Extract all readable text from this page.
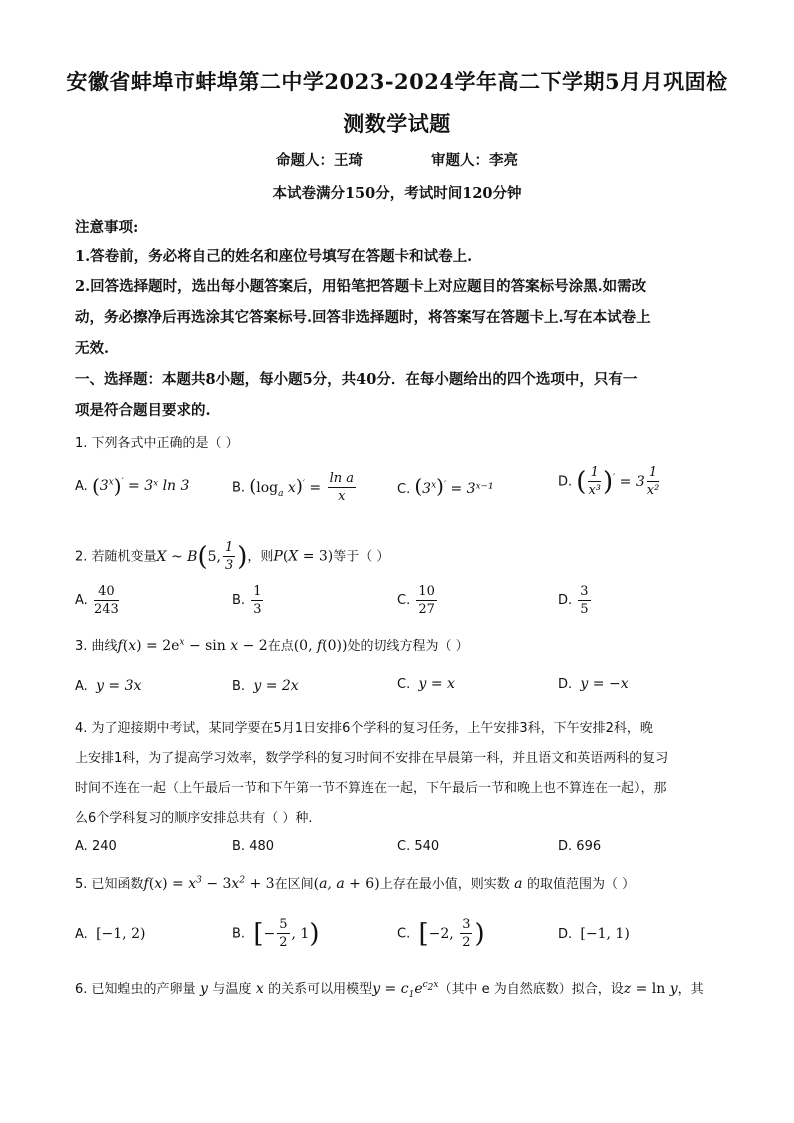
安徽省蚌埠市蚌埠第二中学2023-2024学年高二下学期5月月巩固检
测数学试题
命题人：王琦	审题人：李亮
本试卷满分150分，考试时间120分钟
注意事项:
1.答卷前，务必将自己的姓名和座位号填写在答题卡和试卷上.
2.回答选择题时，选出每小题答案后，用铅笔把答题卡上对应题目的答案标号涂黑.如需改
动，务必擦净后再选涂其它答案标号.回答非选择题时，将答案写在答题卡上.写在本试卷上
无效.
一、选择题：本题共8小题，每小题5分，共40分．在每小题给出的四个选项中，只有一
项是符合题目要求的.
1. 下列各式中正确的是（ ）
A. $(3^x)'$ = 3ˣ ln 3	B. ($\log_a$ $x)' = \frac{\text{ln a}}{x}$	C. $(3^x)'$ = 3ˣ⁻¹	D. ( $\frac{1}{\text{x³}} )' = 3 \frac{1}{\text{x²}}$
2. 若随机变量X ~ B(5, $\frac{1}{3}$ )，则P(X = 3)等于（ ）
A. $\frac{40}{243}$	B. $\frac{1}{3}$	C. $\frac{10}{27}$	D. $\frac{3}{5}$
3. 曲线$f(x) = 2e^x - \sin x - 2$在点(0, f(0))处的切线方程为（ ）
A. y = 3x	B. y = 2x	C. y = x	D. y = −x
4. 为了迎接期中考试，某同学要在5月1日安排6个学科的复习任务，上午安排3科，下午安排2科，晚
上安排1科，为了提高学习效率，数学学科的复习时间不安排在早晨第一科，并且语文和英语两科的复习
时间不连在一起（上午最后一节和下午第一节不算连在一起，下午最后一节和晚上也不算连在一起），那
么6个学科复习的顺序安排总共有（ ）种.
A. 240	B. 480	C. 540	D. 696
5. 已知函数$f(x) = x^3 - 3x^2 + 3$在区间(a, a + 6)上存在最小值，则实数 a 的取值范围为（ ）
A. [−1, 2)	B. [− $\frac{5}{2}$ , 1)	C. [−2, $\frac{3}{2}$ )	D. [−1, 1)
6. 已知蝗虫的产卵量 y 与温度 x 的关系可以用模型$y = c_1e^{c_2x}$（其中 e 为自然底数）拟合，设z = ln y，其
